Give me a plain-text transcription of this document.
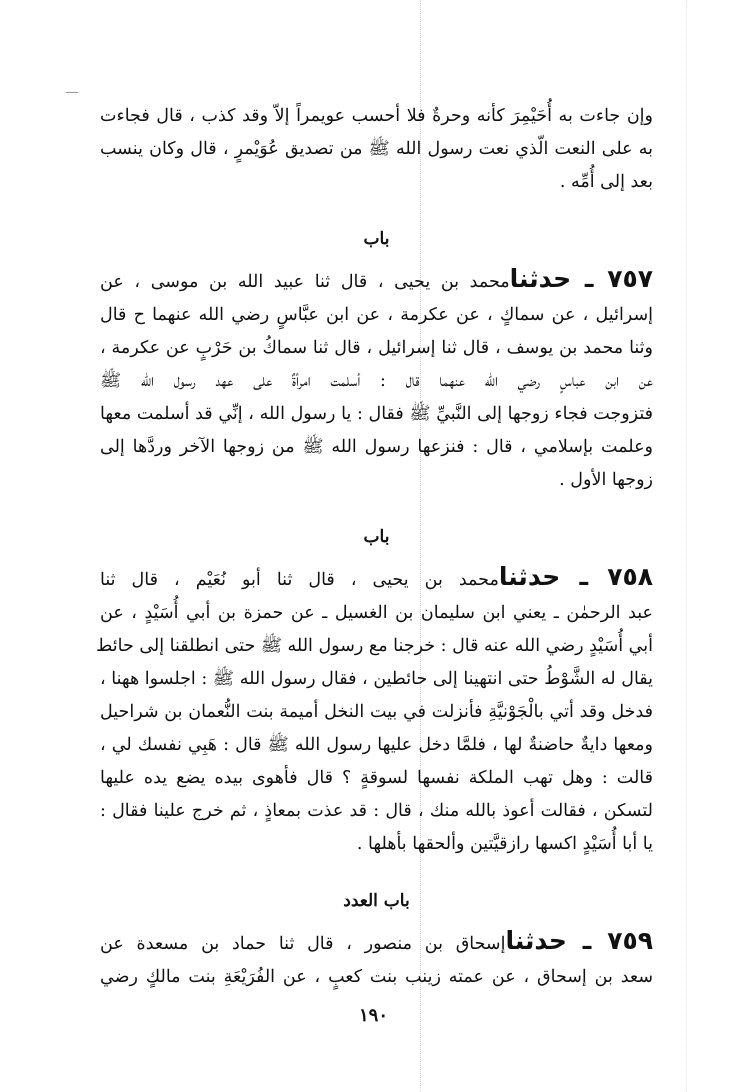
وإن جاءت به أُحَيْمِرَ كأنه وحرةٌ فلا أحسب عويمراً إلاّ وقد كذب ، قال فجاءت
به على النعت الّذي نعت رسول الله ﷺ من تصديق عُوَيْمرٍ ، قال وكان ينسب
بعد إلى أُمِّه .
باب
٧٥٧ ـ حدثنامحمد بن يحيى ، قال ثنا عبيد الله بن موسى ، عن
إسرائيل ، عن سماكٍ ، عن عكرمة ، عن ابن عبَّاسٍ رضي الله عنهما ح قال
وثنا محمد بن يوسف ، قال ثنا إسرائيل ، قال ثنا سماكُ بن حَرْبٍ عن عكرمة ،
عن ابن عباسٍ رضي الله عنهما قال : أسلمت امرأةٌ على عهد رسول الله ﷺ
فتزوجت فجاء زوجها إلى النَّبيِّ ﷺ فقال : يا رسول الله ، إنِّي قد أسلمت معها
وعلمت بإسلامي ، قال : فنزعها رسول الله ﷺ من زوجها الآخر وردَّها إلى
زوجها الأول .
باب
٧٥٨ ـ حدثنامحمد بن يحيى ، قال ثنا أبو نُعَيْم ، قال ثنا
عبد الرحمٰن ـ يعني ابن سليمان بن الغسيل ـ عن حمزة بن أبي أُسَيْدٍ ، عن
أبي أُسَيْدٍ رضي الله عنه قال : خرجنا مع رسول الله ﷺ حتى انطلقنا إلى حائط
يقال له الشَّوْطُ حتى انتهينا إلى حائطين ، فقال رسول الله ﷺ : اجلسوا ههنا ،
فدخل وقد أتي بالْجَوْنيَّةِ فأنزلت في بيت النخل أميمة بنت النُّعمان بن شراحيل
ومعها دايةٌ حاضنةٌ لها ، فلمَّا دخل عليها رسول الله ﷺ قال : هَبِي نفسك لي ،
قالت : وهل تهب الملكة نفسها لسوقةٍ ؟ قال فأهوى بيده يضع يده عليها
لتسكن ، فقالت أعوذ بالله منك ، قال : قد عذت بمعاذٍ ، ثم خرج علينا فقال :
يا أبا أُسَيْدٍ اكسها رازقيَّتين وألحقها بأهلها .
باب العدد
٧٥٩ ـ حدثناإسحاق بن منصور ، قال ثنا حماد بن مسعدة عن
سعد بن إسحاق ، عن عمته زينب بنت كعبٍ ، عن الفُرَيْعَةِ بنت مالكٍ رضي
١٩٠
